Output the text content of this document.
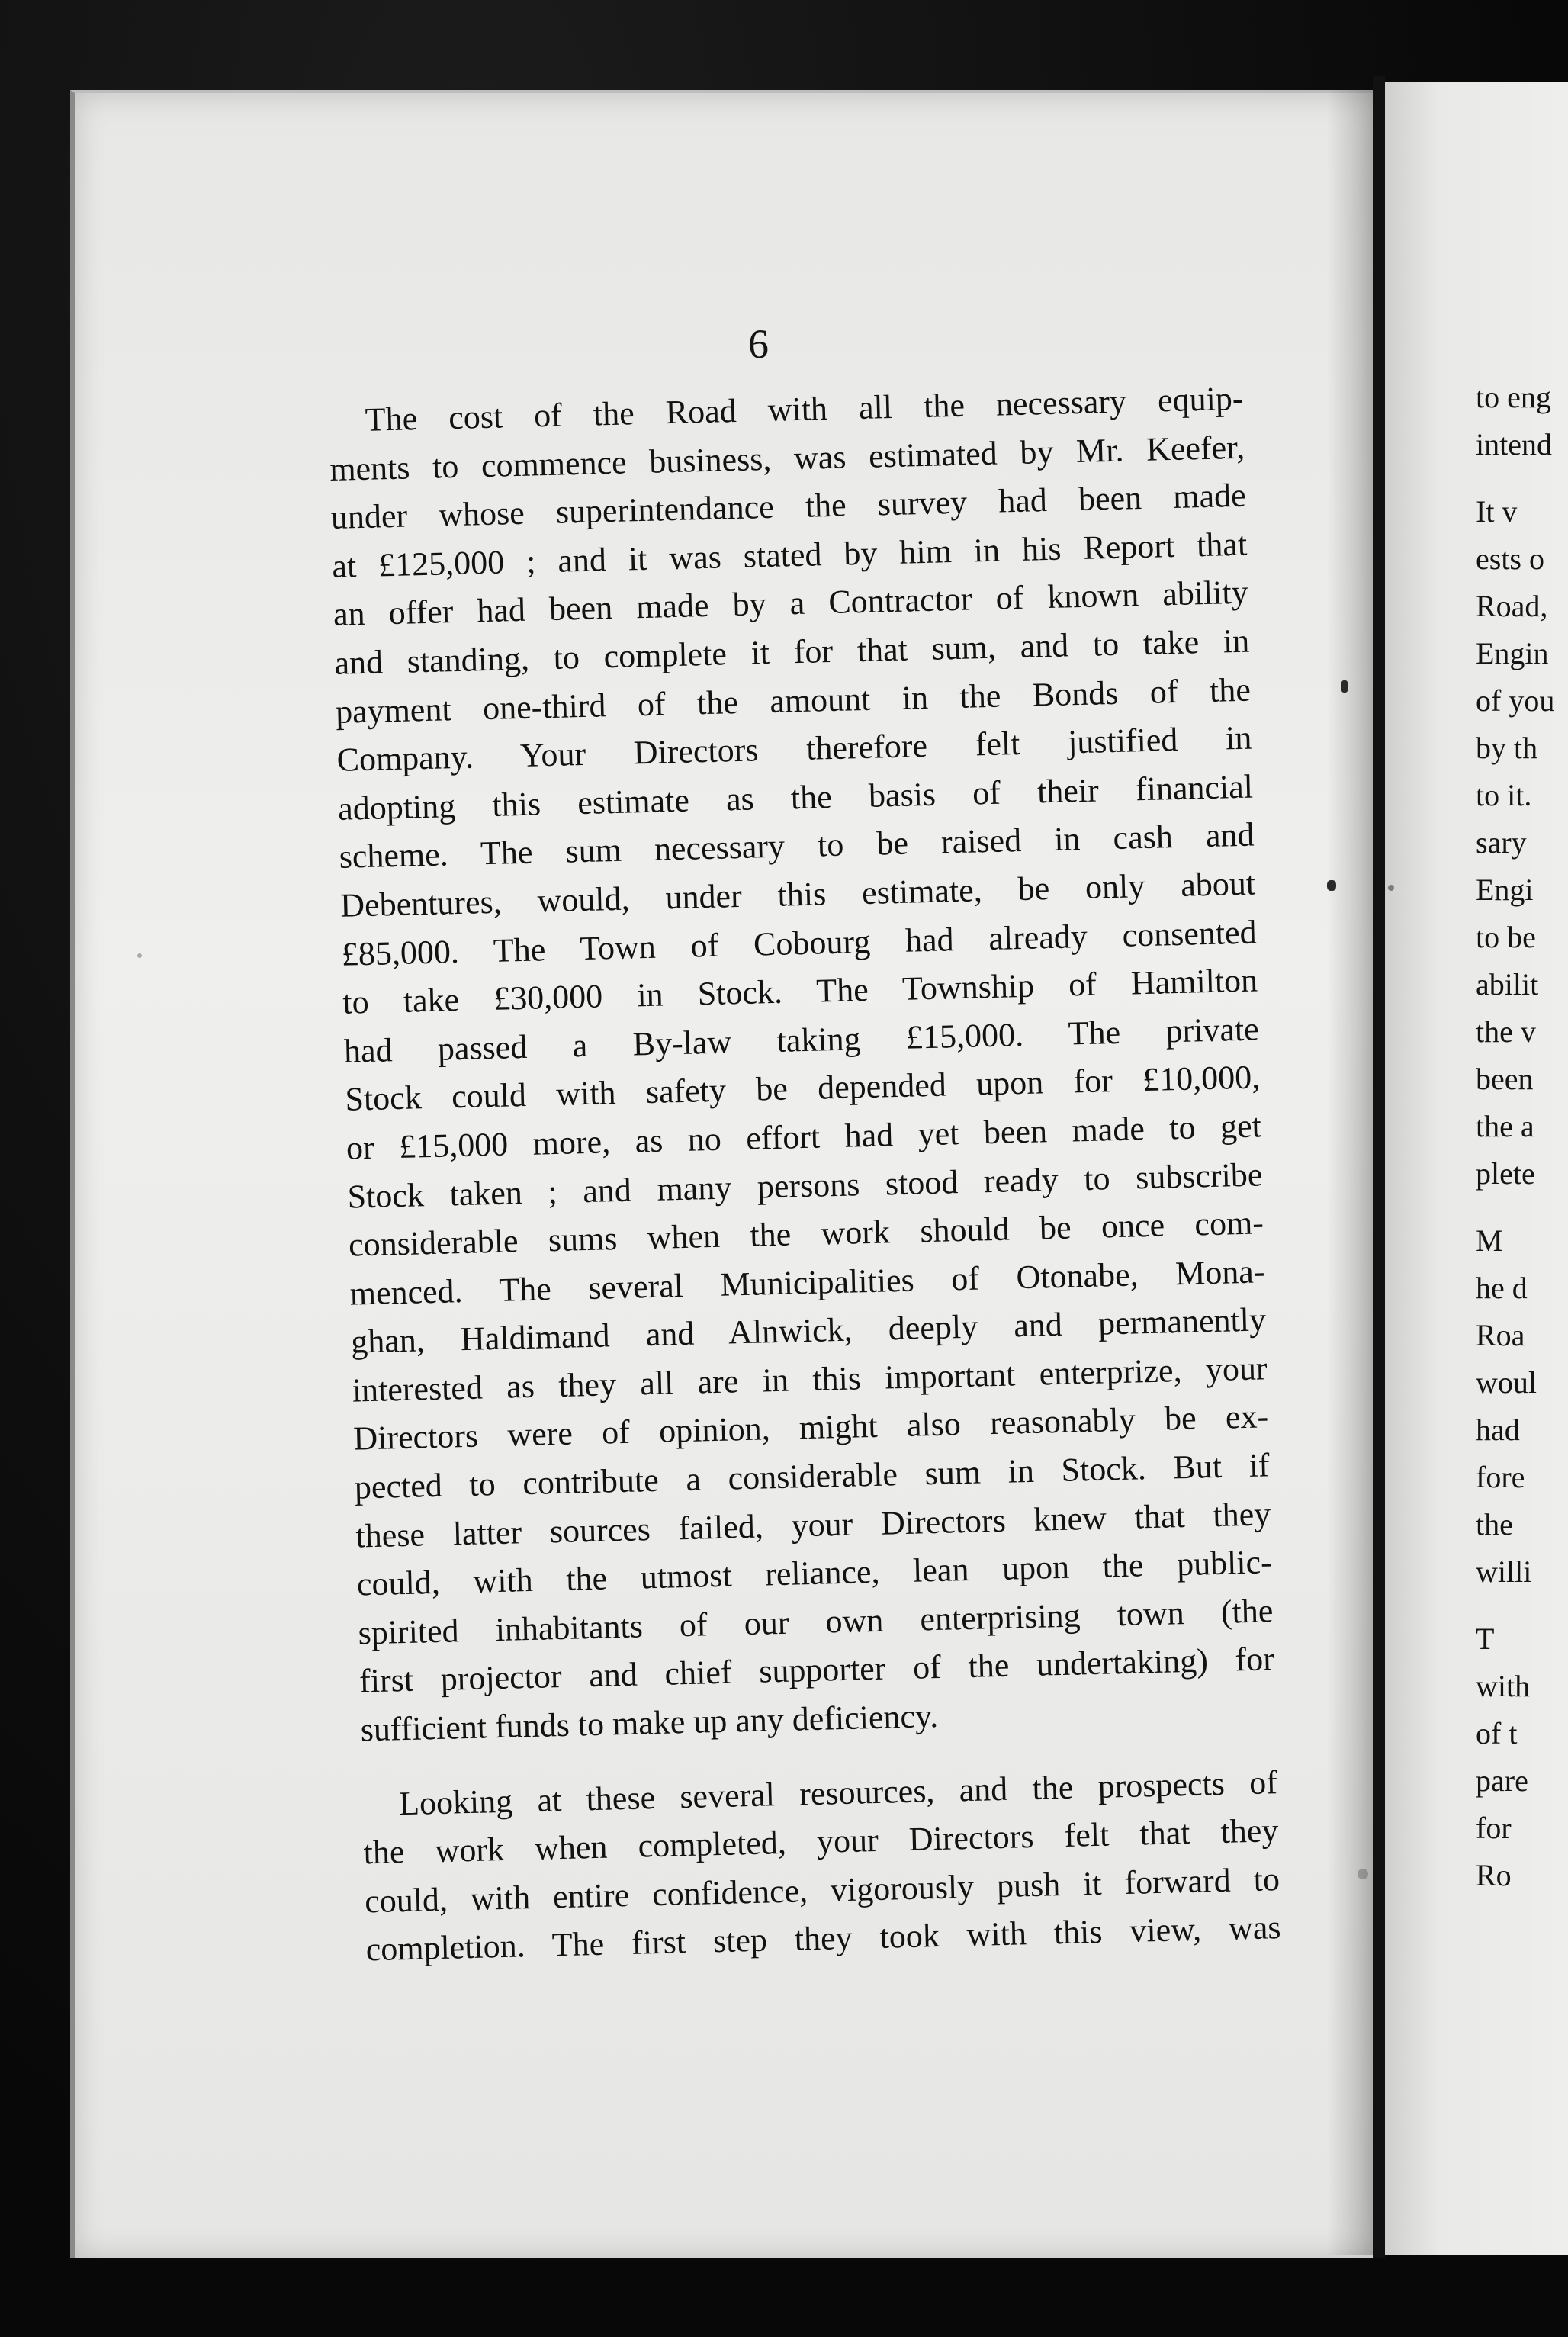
6
The cost of the Road with all the necessary equip-
ments to commence business, was estimated by Mr. Keefer,
under whose superintendance the survey had been made
at £125,000 ; and it was stated by him in his Report that
an offer had been made by a Contractor of known ability
and standing, to complete it for that sum, and to take in
payment one-third of the amount in the Bonds of the
Company. Your Directors therefore felt justified in
adopting this estimate as the basis of their financial
scheme. The sum necessary to be raised in cash and
Debentures, would, under this estimate, be only about
£85,000. The Town of Cobourg had already consented
to take £30,000 in Stock. The Township of Hamilton
had passed a By-law taking £15,000. The private
Stock could with safety be depended upon for £10,000,
or £15,000 more, as no effort had yet been made to get
Stock taken ; and many persons stood ready to subscribe
considerable sums when the work should be once com-
menced. The several Municipalities of Otonabe, Mona-
ghan, Haldimand and Alnwick, deeply and permanently
interested as they all are in this important enterprize, your
Directors were of opinion, might also reasonably be ex-
pected to contribute a considerable sum in Stock. But if
these latter sources failed, your Directors knew that they
could, with the utmost reliance, lean upon the public-
spirited inhabitants of our own enterprising town (the
first projector and chief supporter of the undertaking) for
sufficient funds to make up any deficiency.
Looking at these several resources, and the prospects of
the work when completed, your Directors felt that they
could, with entire confidence, vigorously push it forward to
completion. The first step they took with this view, was
to eng
intend
It v
ests o
Road,
Engin
of you
by th
to it.
sary
Engi
to be
abilit
the v
been
the a
plete
M
he d
Roa
woul
had
fore
the
willi
T
with
of t
pare
for
Ro
